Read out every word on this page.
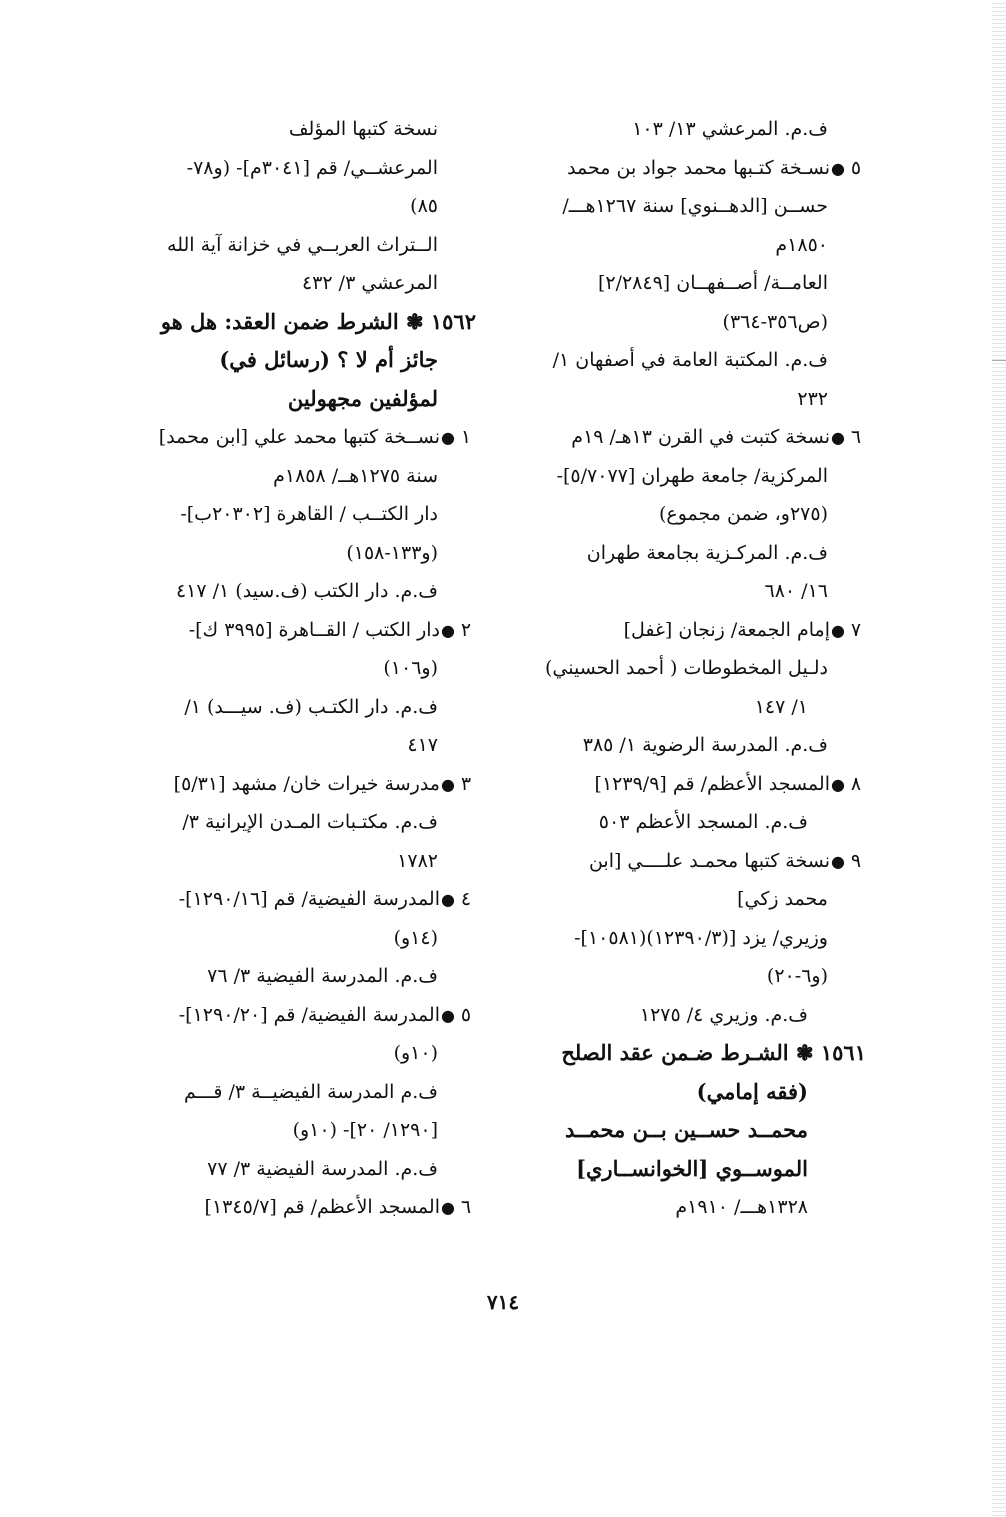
ف.م. المرعشي ١٣/ ١٠٣
٥●نسـخة كتـبها محمد جواد بن محمد
حســن [الدهــنوي] سنة ١٢٦٧هـــ/
١٨٥٠م
العامــة/ أصــفهــان [٢/٢٨٤٩]
(ص٣٥٦-٣٦٤)
ف.م. المكتبة العامة في أصفهان ١/
٢٣٢
٦●نسخة كتبت في القرن ١٣هـ/ ١٩م
المركزية/ جامعة طهران [٥/٧٠٧٧]-
(٢٧٥و، ضمن مجموع)
ف.م. المركـزية بجامعة طهران
١٦/ ٦٨٠
٧●إمام الجمعة/ زنجان [غفل]
دلـيل المخطوطات ( أحمد الحسيني)
١/ ١٤٧
ف.م. المدرسة الرضوية ١/ ٣٨٥
٨●المسجد الأعظم/ قم [١٢٣٩/٩]
ف.م. المسجد الأعظم ٥٠٣
٩●نسخة كتبها محمـد علــــي [ابن
محمد زكي]
وزيري/ يزد [(١٢٣٩٠/٣)(١٠٥٨١]-
(و٦-٢٠)
ف.م. وزيري ٤/ ١٢٧٥
١٥٦١ ❃ الشـرط ضـمن عقد الصلح
(فقه إمامي)
محمــد حســين بــن محمــد
الموســوي [الخوانســاري]
١٣٢٨هـــ/ ١٩١٠م
نسخة كتبها المؤلف
المرعشــي/ قم [٣٠٤١م]- (و٧٨-
٨٥)
الــتراث العربــي في خزانة آية الله
المرعشي ٣/ ٤٣٢
١٥٦٢ ❃ الشرط ضمن العقد: هل هو
جائز أم لا ؟ (رسائل في)
لمؤلفين مجهولين
١●نســخة كتبها محمد علي [ابن محمد]
سنة ١٢٧٥هــ/ ١٨٥٨م
دار الكتــب / القاهرة [٢٠٣٠٢ب]-
(و١٣٣-١٥٨)
ف.م. دار الكتب (ف.سيد) ١/ ٤١٧
٢●دار الكتب / القــاهرة [٣٩٩٥ ك]-
(و١٠٦)
ف.م. دار الكتـب (ف. سيـــد) ١/
٤١٧
٣●مدرسة خيرات خان/ مشهد [٥/٣١]
ف.م. مكتـبات المـدن الإيرانية ٣/
١٧٨٢
٤●المدرسة الفيضية/ قم [١٢٩٠/١٦]-
(١٤و)
ف.م. المدرسة الفيضية ٣/ ٧٦
٥●المدرسة الفيضية/ قم [١٢٩٠/٢٠]-
(١٠و)
ف.م المدرسة الفيضيــة ٣/ قـــم
[١٢٩٠/ ٢٠]- (١٠و)
ف.م. المدرسة الفيضية ٣/ ٧٧
٦●المسجد الأعظم/ قم [١٣٤٥/٧]
٧١٤
